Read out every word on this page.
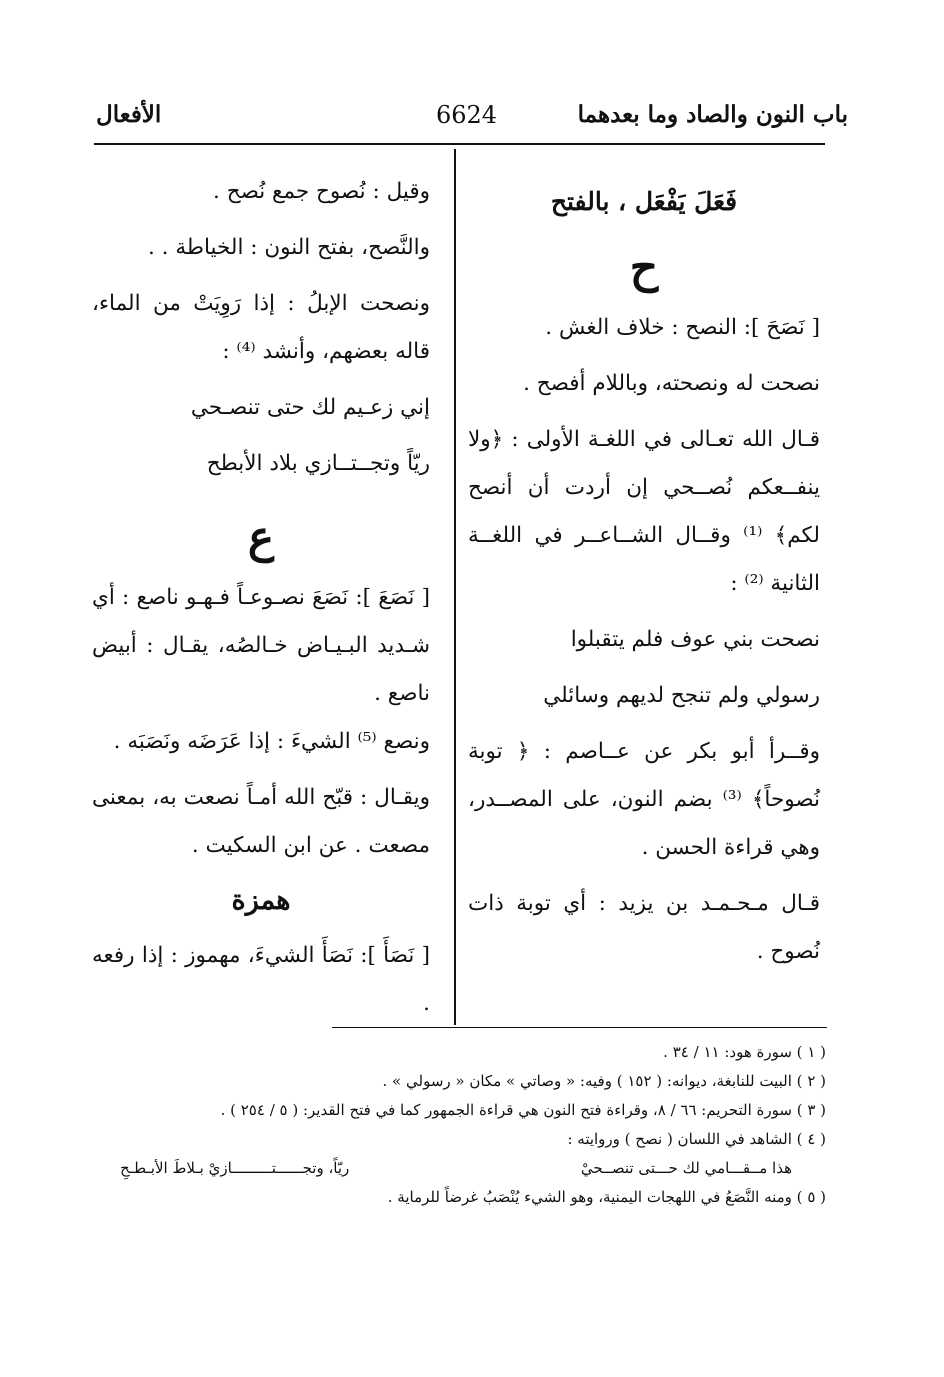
باب النون والصاد وما بعدهما
6624
الأفعال

فَعَلَ يَفْعَل ، بالفتح

ح

[ نَصَحَ ]: النصح : خلاف الغش .

نصحت له ونصحته، وباللام أفصح .

قـال الله تعـالى في اللغـة الأولى : ﴿ولا ينفــعكم نُصــحي إن أردت أن أنصح لكم﴾ ⁽¹⁾ وقــال الشــاعــر في اللغــة الثانية ⁽²⁾ :

نصحت بني عوف فلم يتقبلوا

رسولي ولم تنجح لديهم وسائلي

وقــرأ أبو بكر عن عــاصم : ﴿ توبة نُصوحاً﴾ ⁽³⁾ بضم النون، على المصــدر، وهي قراءة الحسن .

قـال مـحـمـد بن يزيد : أي توبة ذات نُصوح .

وقيل : نُصوح جمع نُصح .

والنَّصح، بفتح النون : الخياطة . .

ونصحت الإبلُ : إذا رَوِيَتْ من الماء، قاله بعضهم، وأنشد ⁽⁴⁾ :

إني زعـيم لك حتى تنصـحي

ريّاً وتجــتــازي بلاد الأبطح

ع

[ نَصَعَ ]: نَصَعَ نصـوعـاً فـهـو ناصع : أي شـديد البـيـاض خـالصُه، يقـال : أبيض ناصع .

ونصع ⁽⁵⁾ الشيءَ : إذا عَرَضَه ونَصَبَه .

ويقـال : قبّح الله أمـاً نصعت به، بمعنى مصعت . عن ابن السكيت .

همزة

[ نَصَأَ ]: نَصَأَ الشيءَ، مهموز : إذا رفعه .

( ١ ) سورة هود: ١١ / ٣٤ .

( ٢ ) البيت للنابغة، ديوانه: ( ١٥٢ ) وفيه: « وصاتي » مكان « رسولي » .

( ٣ ) سورة التحريم: ٦٦ / ٨، وقراءة فتح النون هي قراءة الجمهور كما في فتح القدير: ( ٥ / ٢٥٤ ) .

( ٤ ) الشاهد في اللسان ( نصح ) وروايته :

هذا مــقـــامي لك حـــتى تنصــحيْ
ريّاً، وتجــــــتـــــــــازيْ بـلاطَ الأبـطـحِ

( ٥ ) ومنه النَّصَعُ في اللهجات اليمنية، وهو الشيء يُنْصَبُ غرضاً للرماية .
